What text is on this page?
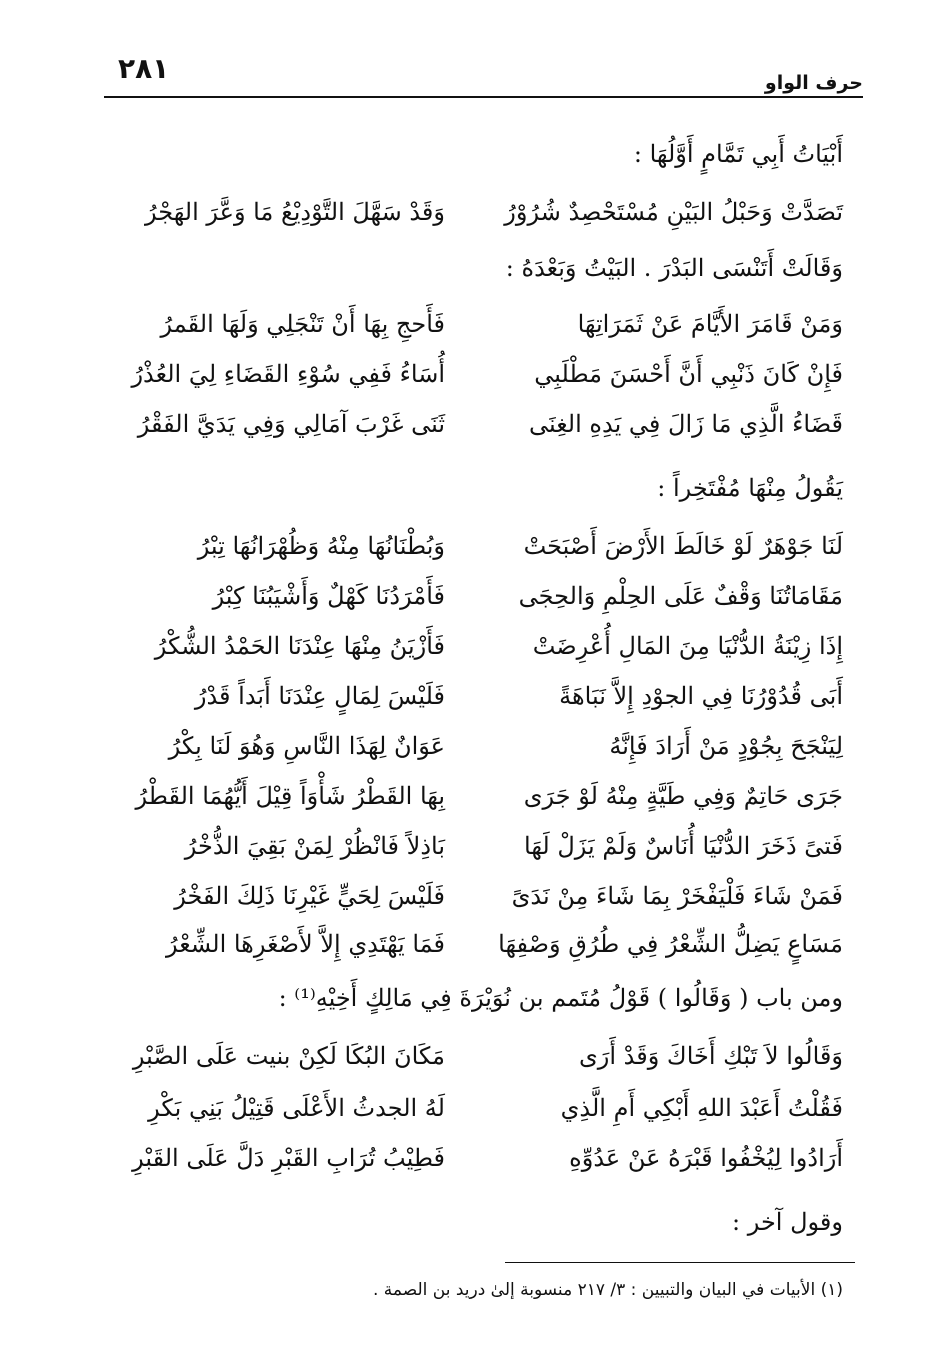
٢٨١	حرف الواو
أَبْيَاتُ أَبِي تَمَّامٍ أَوَّلُهَا :
تَصَدَّتْ وَحَبْلُ البَيْنِ مُسْتَحْصِدٌ شُرُوْرُ
وَقَدْ سَهَّلَ التَّوْدِيْعُ مَا وَعَّرَ الهَجْرُ
وَقَالَتْ أَتَنْسَى البَدْرَ . البَيْتُ وَبَعْدَهُ :
وَمَنْ قَامَرَ الأَيَّامَ عَنْ ثَمَرَاتِهَا
فَأَحجِ بِهَا أَنْ تَنْجَلِي وَلَهَا القَمرُ
فَإِنْ كَانَ ذَنْبِي أَنَّ أَحْسَنَ مَطْلَبِي
أُسَاءُ فَفِي سُوْءِ القَضَاءِ لِيَ العُذْرُ
قَضَاءُ الَّذِي مَا زَالَ فِي يَدِهِ الغِنَى
ثَنَى غَرْبَ آمَالِي وَفِي يَدَيَّ الفَقْرُ
يَقُولُ مِنْهَا مُفْتَخِراً :
لَنَا جَوْهَرٌ لَوْ خَالَطَ الأَرْضَ أَصْبَحَتْ
وَبُطْنَانُهَا مِنْهُ وَظُهْرَانُهَا تِبْرُ
مَقَامَاتُنَا وَقْفٌ عَلَى الحِلْمِ وَالحِجَى
فَأَمْرَدُنَا كَهْلٌ وَأَشْيَبُنَا كِبْرُ
إِذَا زِيْنَةُ الدُّنْيَا مِنَ المَالِ أُعْرِضَتْ
فَأَزْيَنُ مِنْهَا عِنْدَنَا الحَمْدُ الشُّكْرُ
أَبَى قُدُوْرُنَا فِي الجوْدِ إِلاَّ نَبَاهَةً
فَلَيْسَ لِمَالٍ عِنْدَنَا أَبَداً قَدْرُ
لِيَنْجَحَ بِجُوْدٍ مَنْ أَرَادَ فَإِنَّهُ
عَوَانٌ لِهَذَا النَّاسِ وَهُوَ لَنَا بِكْرُ
جَرَى حَاتِمٌ وَفِي طَيَّةٍ مِنْهُ لَوْ جَرَى
بِهَا القَطْرُ شَأْوَاً قِيْلَ أَيُّهُمَا القَطْرُ
فَتىً ذَخَرَ الدُّنْيَا أُنَاسٌ وَلَمْ يَزَلْ لَهَا
بَاذِلاً فَانْظُرْ لِمَنْ بَقِيَ الذُّخْرُ
فَمَنْ شَاءَ فَلْيَفْخَرْ بِمَا شَاءَ مِنْ نَدَىً
فَلَيْسَ لِحَيٍّ غَيْرِنَا ذَلِكَ الفَخْرُ
مَسَاعٍ يَضِلُّ الشِّعْرُ فِي طُرُقِ وَصْفِهَا
فَمَا يَهْتَدِي إِلاَّ لأَصْغَرِهَا الشِّعْرُ
ومن باب ( وَقَالُوا ) قَوْلُ مُتَمم بن نُوَيْرَةَ فِي مَالِكٍ أَخِيْهِ⁽¹⁾ :
وَقَالُوا لاَ تَبْكِ أَخَاكَ وَقَدْ أَرَى
مَكَانَ البُكَا لَكِنْ بنيت عَلَى الصَّبْرِ
فَقُلْتُ أَعَبْدَ اللهِ أَبْكِي أَمِ الَّذِي
لَهُ الجدثُ الأَعْلَى قَتِيْلُ بَنِي بَكْرِ
أَرَادُوا لِيُخْفُوا قَبْرَهُ عَنْ عَدُوِّهِ
فَطِيْبُ تُرَابِ القَبْرِ دَلَّ عَلَى القَبْرِ
وقول آخر :
(١) الأبيات في البيان والتبيين : ٣/ ٢١٧ منسوبة إلىٰ دريد بن الصمة .
